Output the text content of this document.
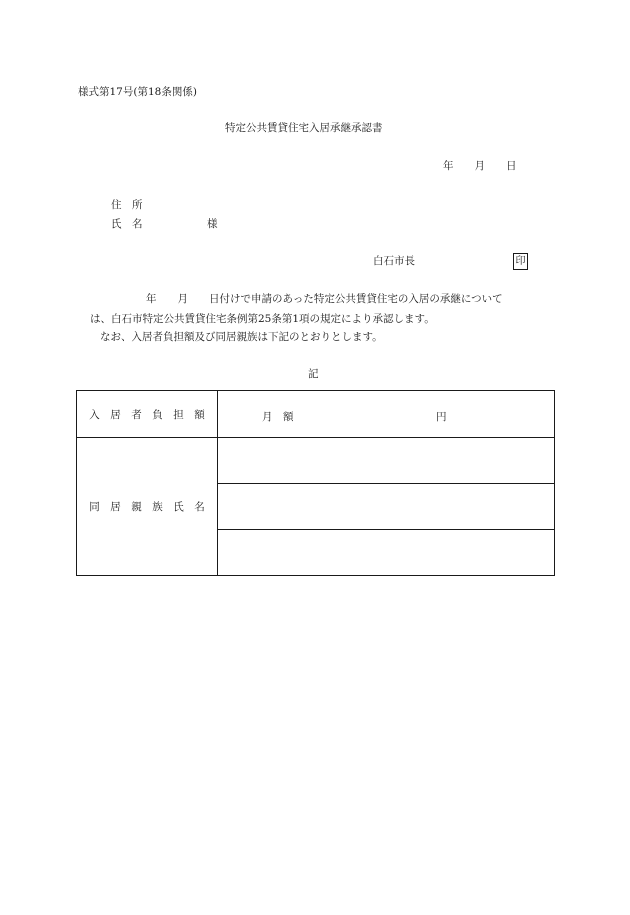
様式第17号(第18条関係)
特定公共賃貸住宅入居承継承認書
年　　月　　日
住　所
氏　名	様
白石市長	印
年　　月　　日付けで申請のあった特定公共賃貸住宅の入居の承継について
は、白石市特定公共賃貸住宅条例第25条第1項の規定により承認します。
なお、入居者負担額及び同居親族は下記のとおりとします。
記
入　居　者　負　担　額	月　額 円

同　居　親　族　氏　名	
